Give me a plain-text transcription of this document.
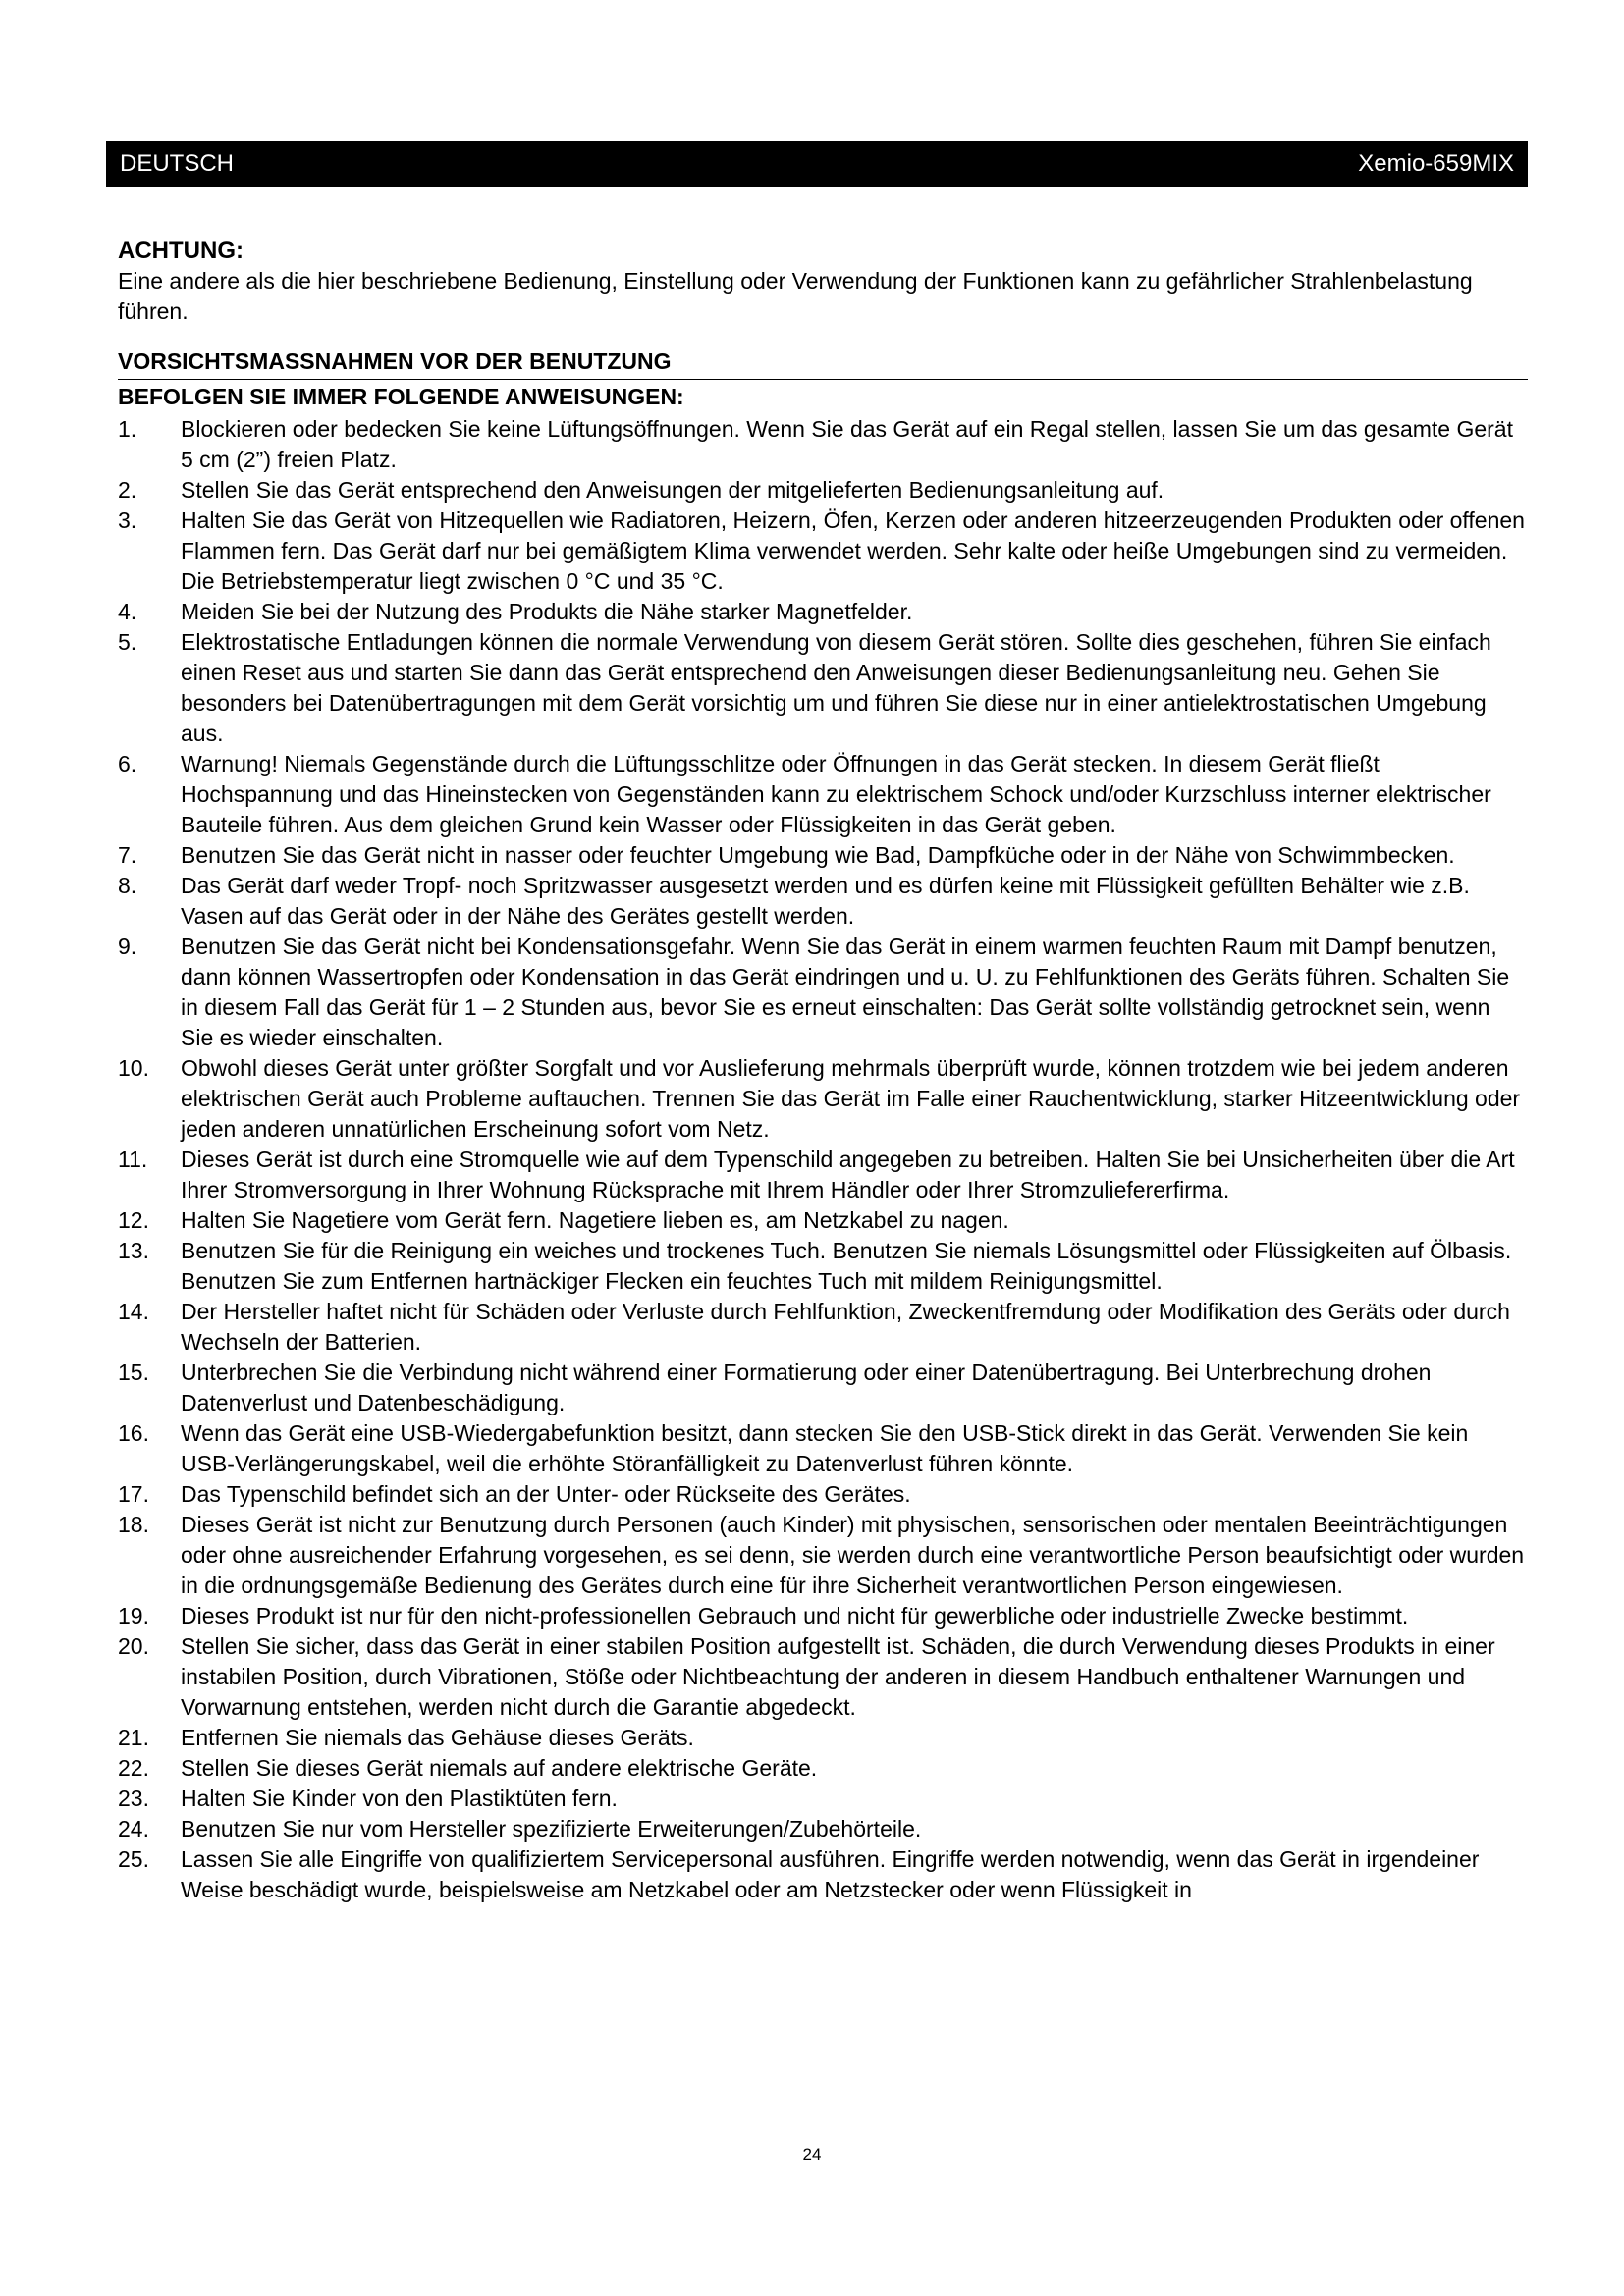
DEUTSCH	Xemio-659MIX

ACHTUNG:

Eine andere als die hier beschriebene Bedienung, Einstellung oder Verwendung der Funktionen kann zu gefährlicher Strahlenbelastung führen.

VORSICHTSMASSNAHMEN VOR DER BENUTZUNG

BEFOLGEN SIE IMMER FOLGENDE ANWEISUNGEN:

1.	Blockieren oder bedecken Sie keine Lüftungsöffnungen. Wenn Sie das Gerät auf ein Regal stellen, lassen Sie um das gesamte Gerät 5 cm (2”) freien Platz.
2.	Stellen Sie das Gerät entsprechend den Anweisungen der mitgelieferten Bedienungsanleitung auf.
3.	Halten Sie das Gerät von Hitzequellen wie Radiatoren, Heizern, Öfen, Kerzen oder anderen hitzeerzeugenden Produkten oder offenen Flammen fern. Das Gerät darf nur bei gemäßigtem Klima verwendet werden. Sehr kalte oder heiße Umgebungen sind zu vermeiden. Die Betriebstemperatur liegt zwischen 0 °C und 35 °C.
4.	Meiden Sie bei der Nutzung des Produkts die Nähe starker Magnetfelder.
5.	Elektrostatische Entladungen können die normale Verwendung von diesem Gerät stören. Sollte dies geschehen, führen Sie einfach einen Reset aus und starten Sie dann das Gerät entsprechend den Anweisungen dieser Bedienungsanleitung neu. Gehen Sie besonders bei Datenübertragungen mit dem Gerät vorsichtig um und führen Sie diese nur in einer antielektrostatischen Umgebung aus.
6.	Warnung! Niemals Gegenstände durch die Lüftungsschlitze oder Öffnungen in das Gerät stecken. In diesem Gerät fließt Hochspannung und das Hineinstecken von Gegenständen kann zu elektrischem Schock und/oder Kurzschluss interner elektrischer Bauteile führen. Aus dem gleichen Grund kein Wasser oder Flüssigkeiten in das Gerät geben.
7.	Benutzen Sie das Gerät nicht in nasser oder feuchter Umgebung wie Bad, Dampfküche oder in der Nähe von Schwimmbecken.
8.	Das Gerät darf weder Tropf- noch Spritzwasser ausgesetzt werden und es dürfen keine mit Flüssigkeit gefüllten Behälter wie z.B. Vasen auf das Gerät oder in der Nähe des Gerätes gestellt werden.
9.	Benutzen Sie das Gerät nicht bei Kondensationsgefahr. Wenn Sie das Gerät in einem warmen feuchten Raum mit Dampf benutzen, dann können Wassertropfen oder Kondensation in das Gerät eindringen und u. U. zu Fehlfunktionen des Geräts führen. Schalten Sie in diesem Fall das Gerät für 1 – 2 Stunden aus, bevor Sie es erneut einschalten: Das Gerät sollte vollständig getrocknet sein, wenn Sie es wieder einschalten.
10.	Obwohl dieses Gerät unter größter Sorgfalt und vor Auslieferung mehrmals überprüft wurde, können trotzdem wie bei jedem anderen elektrischen Gerät auch Probleme auftauchen. Trennen Sie das Gerät im Falle einer Rauchentwicklung, starker Hitzeentwicklung oder jeden anderen unnatürlichen Erscheinung sofort vom Netz.
11.	Dieses Gerät ist durch eine Stromquelle wie auf dem Typenschild angegeben zu betreiben. Halten Sie bei Unsicherheiten über die Art Ihrer Stromversorgung in Ihrer Wohnung Rücksprache mit Ihrem Händler oder Ihrer Stromzuliefererfirma.
12.	Halten Sie Nagetiere vom Gerät fern. Nagetiere lieben es, am Netzkabel zu nagen.
13.	Benutzen Sie für die Reinigung ein weiches und trockenes Tuch. Benutzen Sie niemals Lösungsmittel oder Flüssigkeiten auf Ölbasis. Benutzen Sie zum Entfernen hartnäckiger Flecken ein feuchtes Tuch mit mildem Reinigungsmittel.
14.	Der Hersteller haftet nicht für Schäden oder Verluste durch Fehlfunktion, Zweckentfremdung oder Modifikation des Geräts oder durch Wechseln der Batterien.
15.	Unterbrechen Sie die Verbindung nicht während einer Formatierung oder einer Datenübertragung. Bei Unterbrechung drohen Datenverlust und Datenbeschädigung.
16.	Wenn das Gerät eine USB-Wiedergabefunktion besitzt, dann stecken Sie den USB-Stick direkt in das Gerät. Verwenden Sie kein USB-Verlängerungskabel, weil die erhöhte Störanfälligkeit zu Datenverlust führen könnte.
17.	Das Typenschild befindet sich an der Unter- oder Rückseite des Gerätes.
18.	Dieses Gerät ist nicht zur Benutzung durch Personen (auch Kinder) mit physischen, sensorischen oder mentalen Beeinträchtigungen oder ohne ausreichender Erfahrung vorgesehen, es sei denn, sie werden durch eine verantwortliche Person beaufsichtigt oder wurden in die ordnungsgemäße Bedienung des Gerätes durch eine für ihre Sicherheit verantwortlichen Person eingewiesen.
19.	Dieses Produkt ist nur für den nicht-professionellen Gebrauch und nicht für gewerbliche oder industrielle Zwecke bestimmt.
20.	Stellen Sie sicher, dass das Gerät in einer stabilen Position aufgestellt ist. Schäden, die durch Verwendung dieses Produkts in einer instabilen Position, durch Vibrationen, Stöße oder Nichtbeachtung der anderen in diesem Handbuch enthaltener Warnungen und Vorwarnung entstehen, werden nicht durch die Garantie abgedeckt.
21.	Entfernen Sie niemals das Gehäuse dieses Geräts.
22.	Stellen Sie dieses Gerät niemals auf andere elektrische Geräte.
23.	Halten Sie Kinder von den Plastiktüten fern.
24.	Benutzen Sie nur vom Hersteller spezifizierte Erweiterungen/Zubehörteile.
25.	Lassen Sie alle Eingriffe von qualifiziertem Servicepersonal ausführen. Eingriffe werden notwendig, wenn das Gerät in irgendeiner Weise beschädigt wurde, beispielsweise am Netzkabel oder am Netzstecker oder wenn Flüssigkeit in
24
